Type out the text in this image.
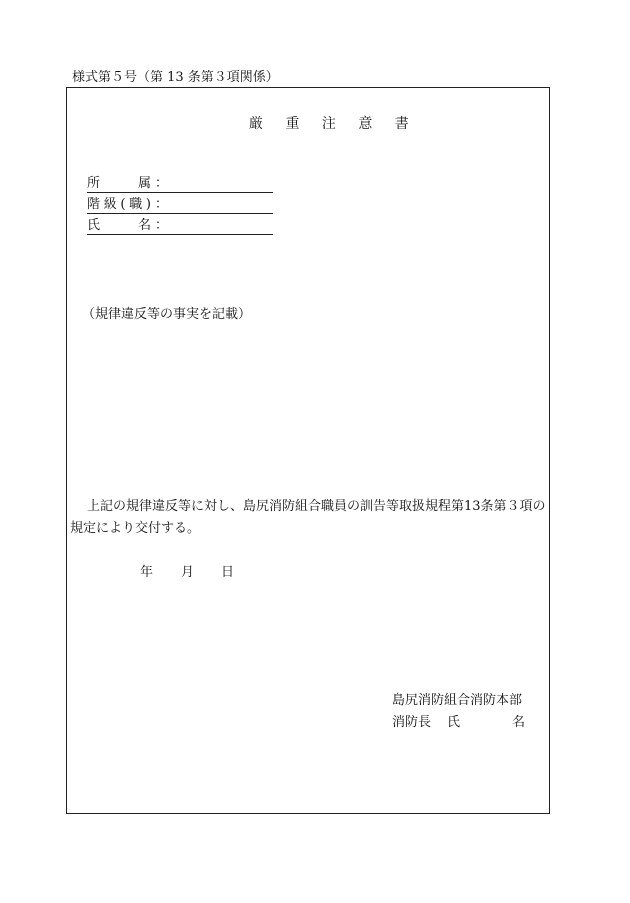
様式第５号（第 13 条第３項関係）
厳 重 注 意 書
所属 ：
階級(職) ：
氏名 ：
（規律違反等の事実を記載）
上記の規律違反等に対し、島尻消防組合職員の訓告等取扱規程第13条第３項の規定により交付する。
年 月 日
島尻消防組合消防本部
消防長 氏	名
